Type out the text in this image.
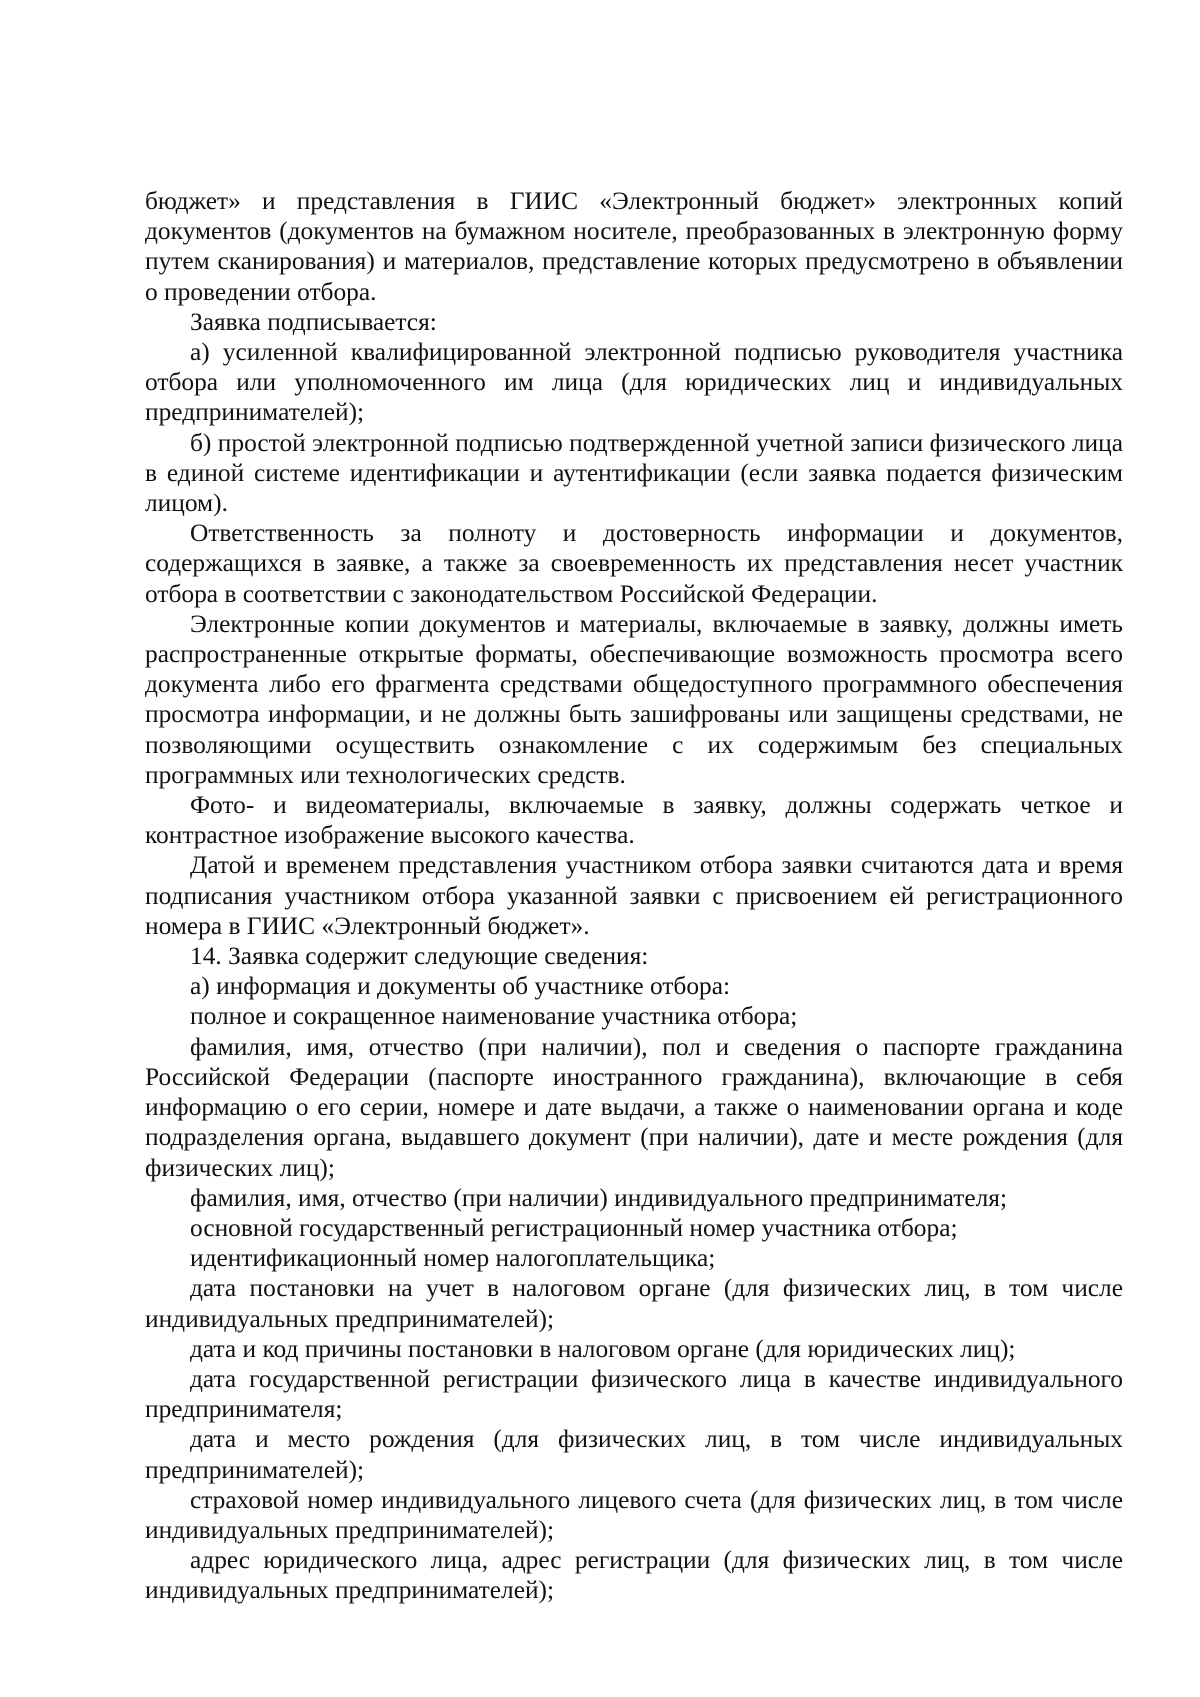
бюджет» и представления в ГИИС «Электронный бюджет» электронных копий документов (документов на бумажном носителе, преобразованных в электронную форму путем сканирования) и материалов, представление которых предусмотрено в объявлении о проведении отбора.

Заявка подписывается:

а) усиленной квалифицированной электронной подписью руководителя участника отбора или уполномоченного им лица (для юридических лиц и индивидуальных предпринимателей);

б) простой электронной подписью подтвержденной учетной записи физического лица в единой системе идентификации и аутентификации (если заявка подается физическим лицом).

Ответственность за полноту и достоверность информации и документов, содержащихся в заявке, а также за своевременность их представления несет участник отбора в соответствии с законодательством Российской Федерации.

Электронные копии документов и материалы, включаемые в заявку, должны иметь распространенные открытые форматы, обеспечивающие возможность просмотра всего документа либо его фрагмента средствами общедоступного программного обеспечения просмотра информации, и не должны быть зашифрованы или защищены средствами, не позволяющими осуществить ознакомление с их содержимым без специальных программных или технологических средств.

Фото- и видеоматериалы, включаемые в заявку, должны содержать четкое и контрастное изображение высокого качества.

Датой и временем представления участником отбора заявки считаются дата и время подписания участником отбора указанной заявки с присвоением ей регистрационного номера в ГИИС «Электронный бюджет».

14. Заявка содержит следующие сведения:

а) информация и документы об участнике отбора:

полное и сокращенное наименование участника отбора;

фамилия, имя, отчество (при наличии), пол и сведения о паспорте гражданина Российской Федерации (паспорте иностранного гражданина), включающие в себя информацию о его серии, номере и дате выдачи, а также о наименовании органа и коде подразделения органа, выдавшего документ (при наличии), дате и месте рождения (для физических лиц);

фамилия, имя, отчество (при наличии) индивидуального предпринимателя;

основной государственный регистрационный номер участника отбора;

идентификационный номер налогоплательщика;

дата постановки на учет в налоговом органе (для физических лиц, в том числе индивидуальных предпринимателей);

дата и код причины постановки в налоговом органе (для юридических лиц);

дата государственной регистрации физического лица в качестве индивидуального предпринимателя;

дата и место рождения (для физических лиц, в том числе индивидуальных предпринимателей);

страховой номер индивидуального лицевого счета (для физических лиц, в том числе индивидуальных предпринимателей);

адрес юридического лица, адрес регистрации (для физических лиц, в том числе индивидуальных предпринимателей);
